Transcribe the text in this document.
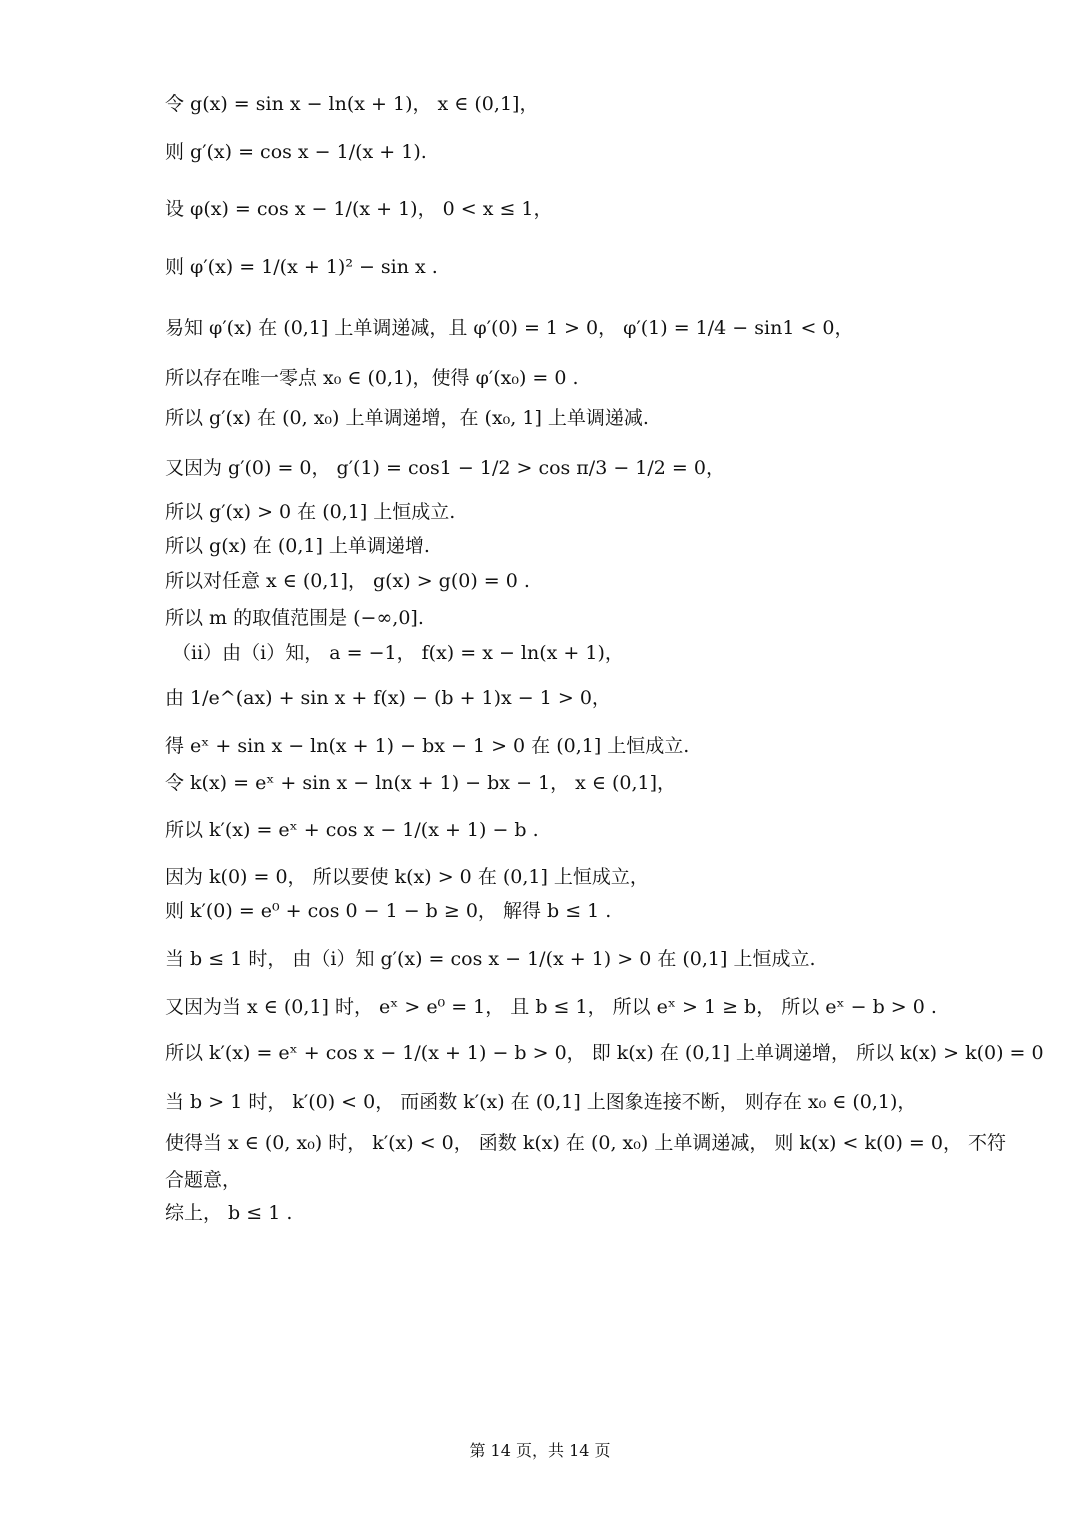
令 g(x) = sin x − ln(x + 1)， x ∈ (0,1]，
则 g′(x) = cos x − 1/(x + 1).
设 φ(x) = cos x − 1/(x + 1)， 0 < x ≤ 1，
则 φ′(x) = 1/(x + 1)² − sin x .
易知 φ′(x) 在 (0,1] 上单调递减，且 φ′(0) = 1 > 0， φ′(1) = 1/4 − sin1 < 0，
所以存在唯一零点 x₀ ∈ (0,1)，使得 φ′(x₀) = 0 .
所以 g′(x) 在 (0, x₀) 上单调递增，在 (x₀, 1] 上单调递减.
又因为 g′(0) = 0， g′(1) = cos1 − 1/2 > cos π/3 − 1/2 = 0，
所以 g′(x) > 0 在 (0,1] 上恒成立.
所以 g(x) 在 (0,1] 上单调递增.
所以对任意 x ∈ (0,1]， g(x) > g(0) = 0 .
所以 m 的取值范围是 (−∞,0].
（ii）由（i）知， a = −1， f(x) = x − ln(x + 1)，
由 1/e^(ax) + sin x + f(x) − (b + 1)x − 1 > 0，
得 eˣ + sin x − ln(x + 1) − bx − 1 > 0 在 (0,1] 上恒成立.
令 k(x) = eˣ + sin x − ln(x + 1) − bx − 1， x ∈ (0,1]，
所以 k′(x) = eˣ + cos x − 1/(x + 1) − b .
因为 k(0) = 0， 所以要使 k(x) > 0 在 (0,1] 上恒成立，
则 k′(0) = e⁰ + cos 0 − 1 − b ≥ 0， 解得 b ≤ 1 .
当 b ≤ 1 时， 由（i）知 g′(x) = cos x − 1/(x + 1) > 0 在 (0,1] 上恒成立.
又因为当 x ∈ (0,1] 时， eˣ > e⁰ = 1， 且 b ≤ 1， 所以 eˣ > 1 ≥ b， 所以 eˣ − b > 0 .
所以 k′(x) = eˣ + cos x − 1/(x + 1) − b > 0， 即 k(x) 在 (0,1] 上单调递增， 所以 k(x) > k(0) = 0
当 b > 1 时， k′(0) < 0， 而函数 k′(x) 在 (0,1] 上图象连接不断， 则存在 x₀ ∈ (0,1)，
使得当 x ∈ (0, x₀) 时， k′(x) < 0， 函数 k(x) 在 (0, x₀) 上单调递减， 则 k(x) < k(0) = 0， 不符
合题意，
综上， b ≤ 1 .
第 14 页，共 14 页
